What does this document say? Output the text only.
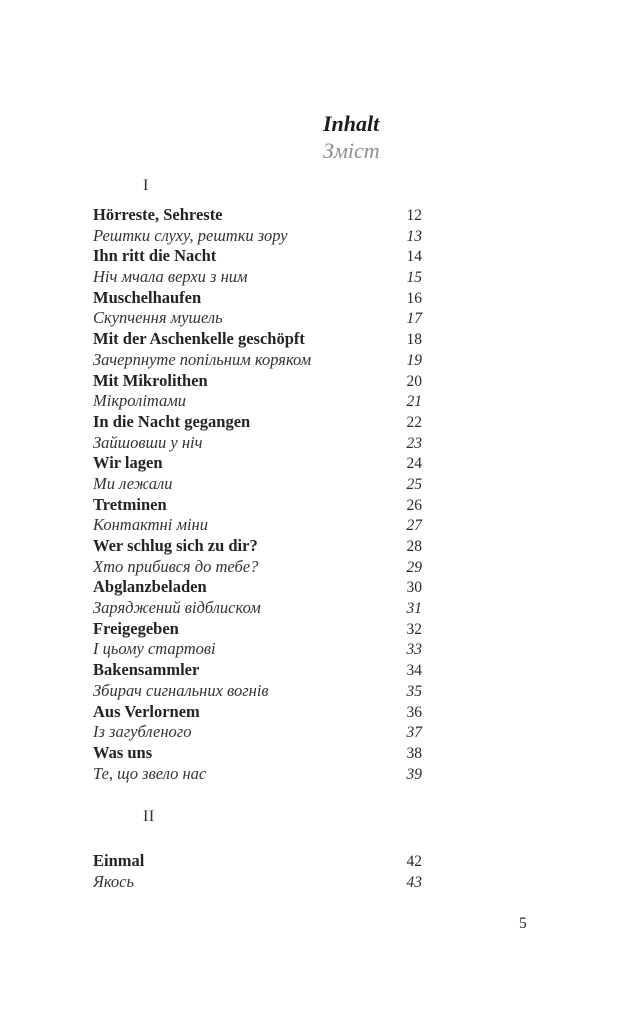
Inhalt
Зміст
I
Hörreste, Sehreste	12
Рештки слуху, рештки зору	13
Ihn ritt die Nacht	14
Ніч мчала верхи з ним	15
Muschelhaufen	16
Скупчення мушель	17
Mit der Aschenkelle geschöpft	18
Зачерпнуте попільним коряком	19
Mit Mikrolithen	20
Мікролітами	21
In die Nacht gegangen	22
Зайшовши у ніч	23
Wir lagen	24
Ми лежали	25
Tretminen	26
Контактні міни	27
Wer schlug sich zu dir?	28
Хто прибився до тебе?	29
Abglanzbeladen	30
Заряджений відблиском	31
Freigegeben	32
І цьому стартові	33
Bakensammler	34
Збирач сигнальних вогнів	35
Aus Verlornem	36
Із загубленого	37
Was uns	38
Те, що звело нас	39
II
Einmal	42
Якось	43
5
